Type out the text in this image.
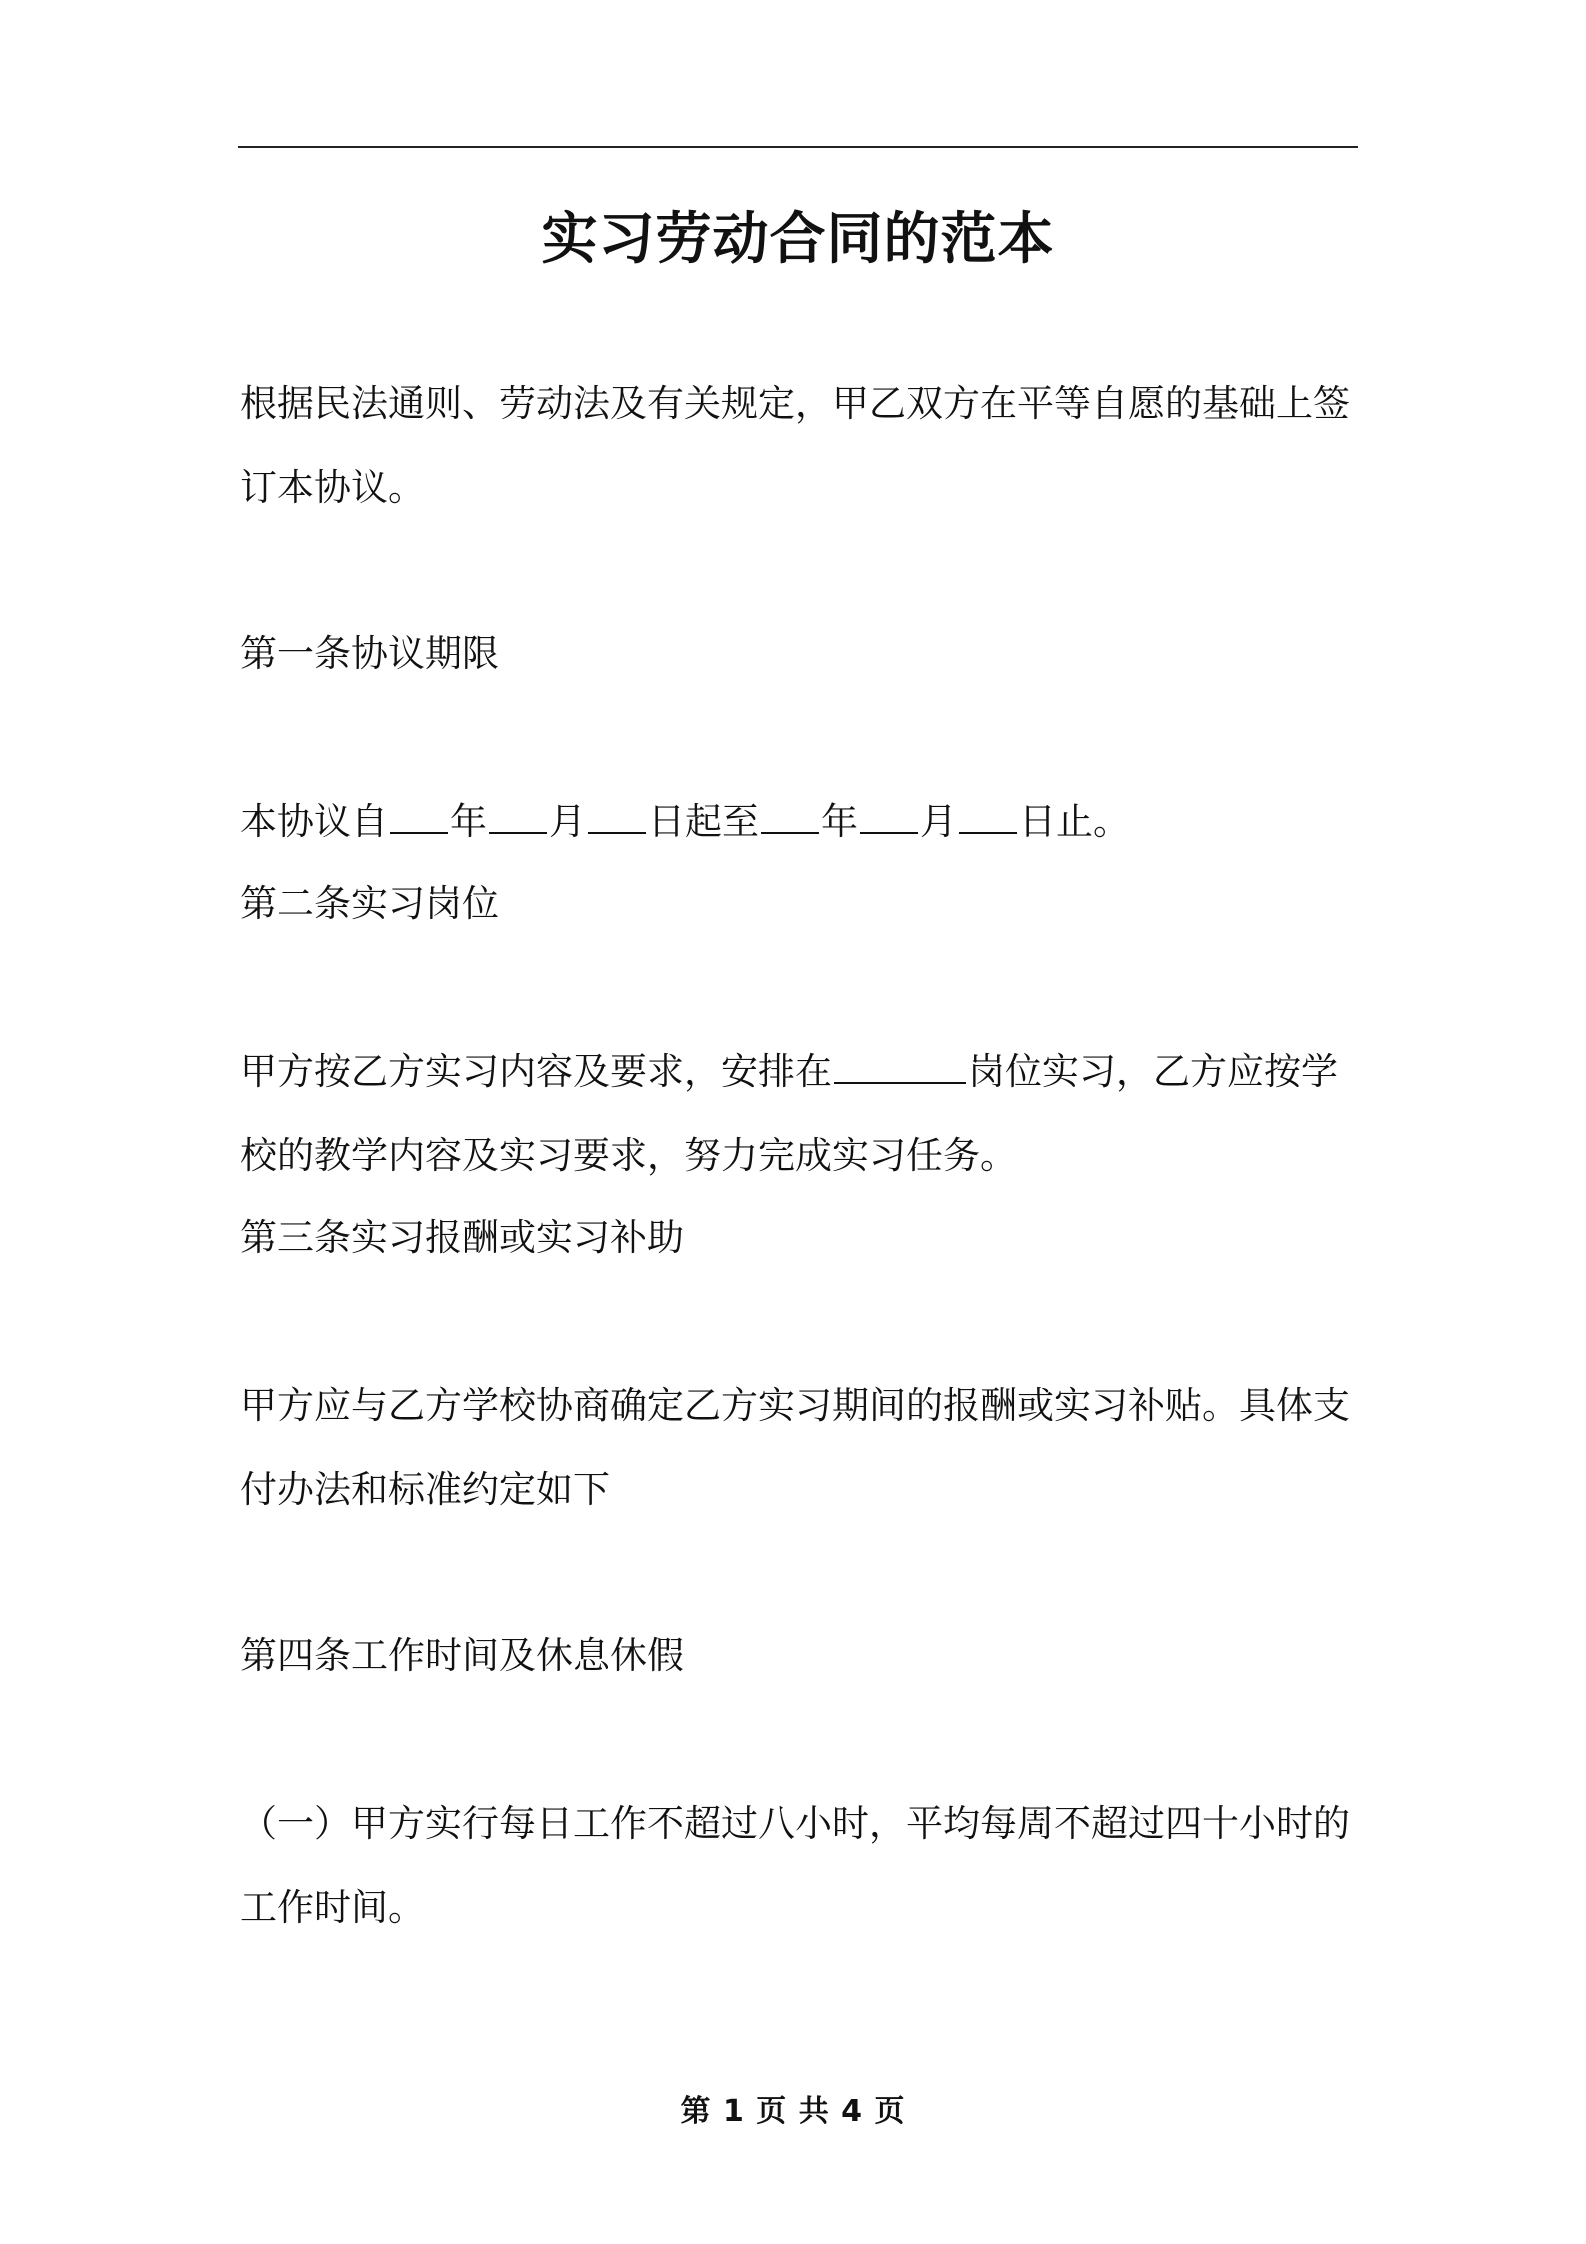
实习劳动合同的范本
根据民法通则、劳动法及有关规定，甲乙双方在平等自愿的基础上签
订本协议。
第一条协议期限
本协议自 年 月 日起至 年 月 日止。
第二条实习岗位
甲方按乙方实习内容及要求，安排在	岗位实习，乙方应按学
校的教学内容及实习要求，努力完成实习任务。
第三条实习报酬或实习补助
甲方应与乙方学校协商确定乙方实习期间的报酬或实习补贴。具体支
付办法和标准约定如下
第四条工作时间及休息休假
（一）甲方实行每日工作不超过八小时，平均每周不超过四十小时的
工作时间。
第 1 页 共 4 页
